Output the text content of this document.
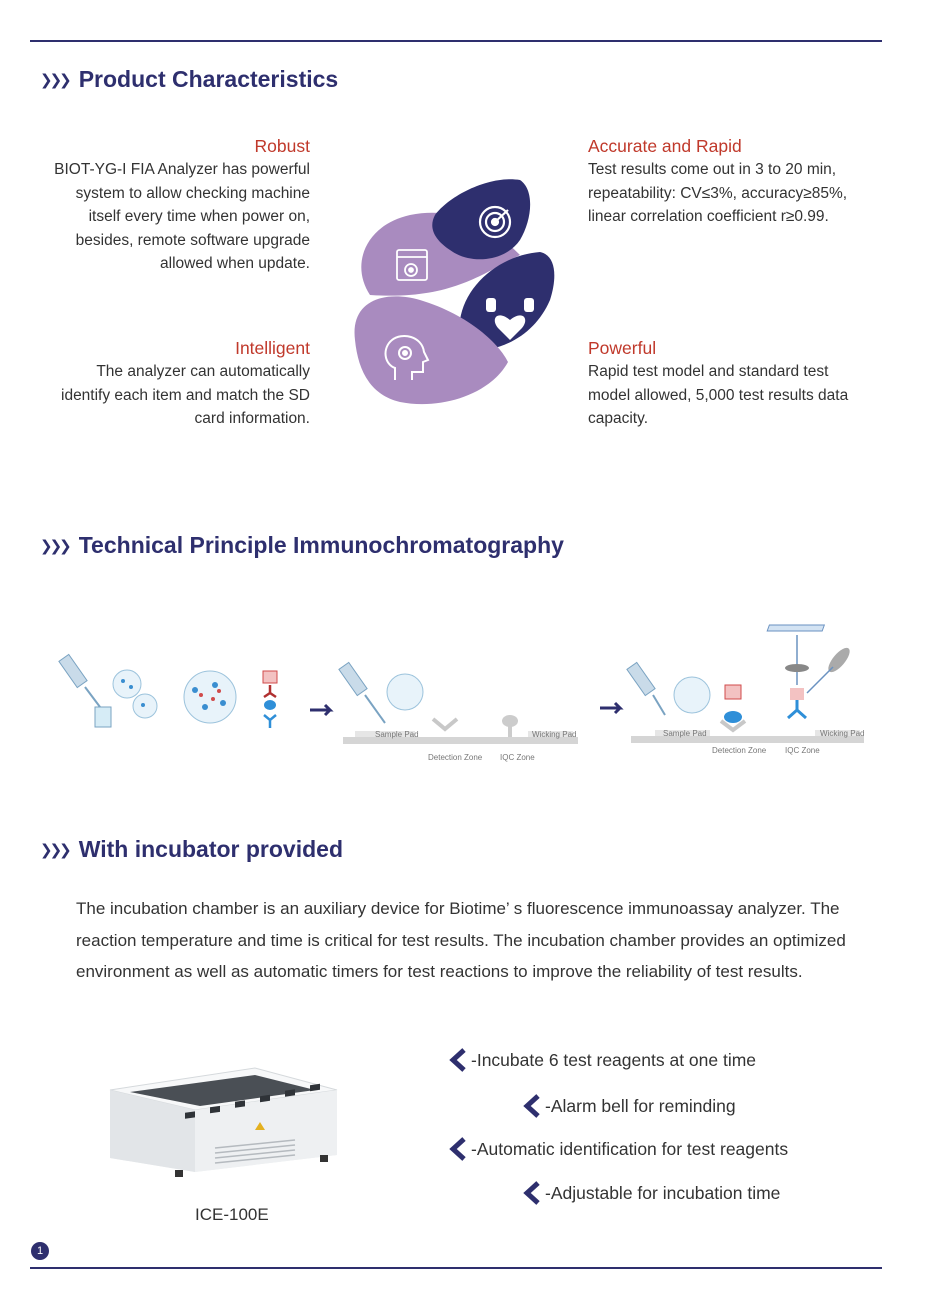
❯❯❯ Product Characteristics
Robust

BIOT-YG-I FIA Analyzer has powerful system to allow checking machine itself every time when power on, besides, remote software upgrade allowed when update.

Accurate and Rapid

Test results come out in 3 to 20 min, repeatability: CV≤3%, accuracy≥85%, linear correlation coefficient r≥0.99.

Intelligent

The analyzer can automatically identify each item and match the SD card information.

Powerful

Rapid test model and standard test model allowed, 5,000 test results data capacity.

❯❯❯ Technical Principle Immunochromatography
Sample Pad	Wicking Pad
Detection Zone IQC Zone
Sample Pad	Wicking Pad
Detection Zone IQC Zone
❯❯❯ With incubator provided

The incubation chamber is an auxiliary device for Biotime’ s fluorescence immunoassay analyzer. The reaction temperature and time is critical for test results. The incubation chamber provides an optimized environment as well as automatic timers for test reactions to improve the reliability of test results.

ICE-100E
-Incubate 6 test reagents at one time
-Alarm bell for reminding
-Automatic identification for test reagents
-Adjustable for incubation time
1
